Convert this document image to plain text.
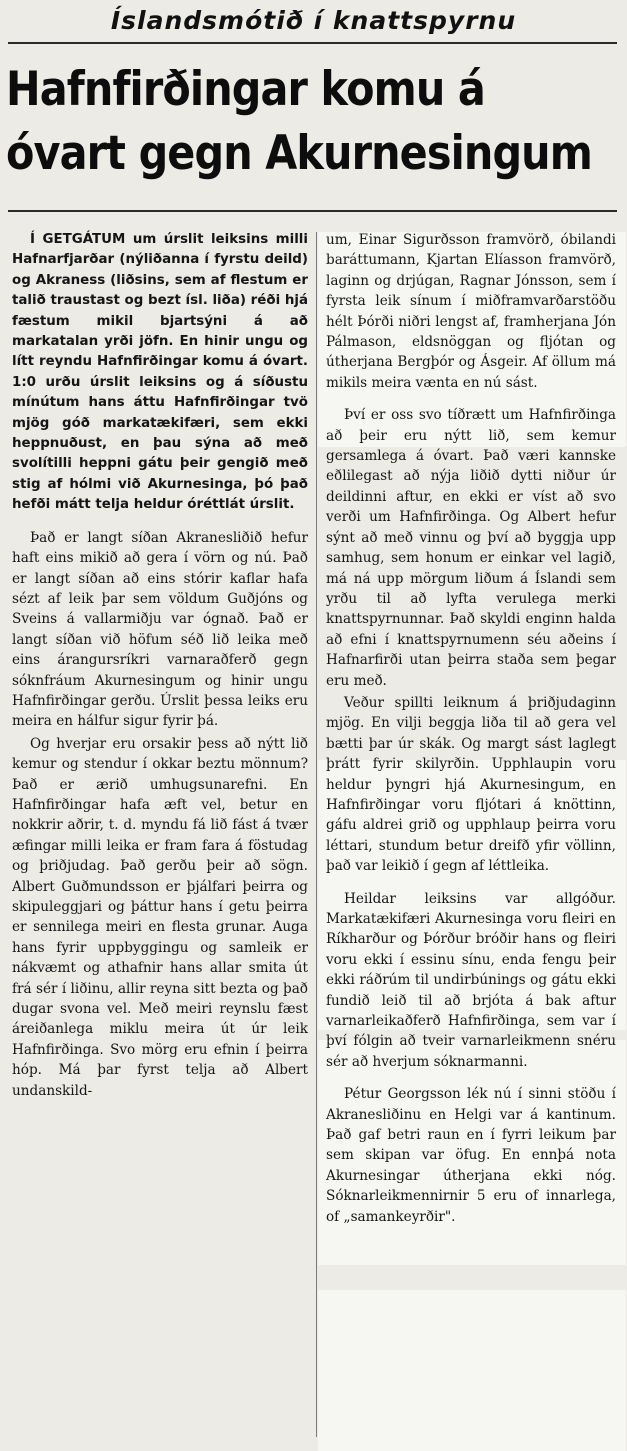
Íslandsmótið í knattspyrnu
Hafnfirðingar komu á
óvart gegn Akurnesingum

Í GETGÁTUM um úrslit leiksins milli Hafnarfjarðar (nýliðanna í fyrstu deild) og Akraness (liðsins, sem af flestum er talið traustast og bezt ísl. liða) réði hjá fæstum mikil bjartsýni á að markatalan yrði jöfn. En hinir ungu og lítt reyndu Hafnfirðingar komu á óvart. 1:0 urðu úrslit leiksins og á síðustu mínútum hans áttu Hafnfirðingar tvö mjög góð markatækifæri, sem ekki heppnuðust, en þau sýna að með svolítilli heppni gátu þeir gengið með stig af hólmi við Akurnesinga, þó það hefði mátt telja heldur óréttlát úrslit.

Það er langt síðan Akranesliðið hefur haft eins mikið að gera í vörn og nú. Það er langt síðan að eins stórir kaflar hafa sézt af leik þar sem völdum Guðjóns og Sveins á vallarmiðju var ógnað. Það er langt síðan við höfum séð lið leika með eins árangursríkri varnaraðferð gegn sóknfráum Akurnesingum og hinir ungu Hafnfirðingar gerðu. Úrslit þessa leiks eru meira en hálfur sigur fyrir þá.

Og hverjar eru orsakir þess að nýtt lið kemur og stendur í okkar beztu mönnum? Það er ærið umhugsunarefni. En Hafnfirðingar hafa æft vel, betur en nokkrir aðrir, t. d. myndu fá lið fást á tvær æfingar milli leika er fram fara á föstudag og þriðjudag. Það gerðu þeir að sögn. Albert Guðmundsson er þjálfari þeirra og skipuleggjari og þáttur hans í getu þeirra er sennilega meiri en flesta grunar. Auga hans fyrir uppbyggingu og samleik er nákvæmt og athafnir hans allar smita út frá sér í liðinu, allir reyna sitt bezta og það dugar svona vel. Með meiri reynslu fæst áreiðanlega miklu meira út úr leik Hafnfirðinga. Svo mörg eru efnin í þeirra hóp. Má þar fyrst telja að Albert undanskild-

um, Einar Sigurðsson framvörð, óbilandi baráttumann, Kjartan Elíasson framvörð, laginn og drjúgan, Ragnar Jónsson, sem í fyrsta leik sínum í miðframvarðarstöðu hélt Þórði niðri lengst af, framherjana Jón Pálmason, eldsnöggan og fljótan og útherjana Bergþór og Ásgeir. Af öllum má mikils meira vænta en nú sást.

Því er oss svo tíðrætt um Hafnfirðinga að þeir eru nýtt lið, sem kemur gersamlega á óvart. Það væri kannske eðlilegast að nýja liðið dytti niður úr deildinni aftur, en ekki er víst að svo verði um Hafnfirðinga. Og Albert hefur sýnt að með vinnu og því að byggja upp samhug, sem honum er einkar vel lagið, má ná upp mörgum liðum á Íslandi sem yrðu til að lyfta verulega merki knattspyrnunnar. Það skyldi enginn halda að efni í knattspyrnumenn séu aðeins í Hafnarfirði utan þeirra staða sem þegar eru með.

Veður spillti leiknum á þriðjudaginn mjög. En vilji beggja liða til að gera vel bætti þar úr skák. Og margt sást laglegt þrátt fyrir skilyrðin. Upphlaupin voru heldur þyngri hjá Akurnesingum, en Hafnfirðingar voru fljótari á knöttinn, gáfu aldrei grið og upphlaup þeirra voru léttari, stundum betur dreifð yfir völlinn, það var leikið í gegn af léttleika.

Heildar leiksins var allgóður. Markatækifæri Akurnesinga voru fleiri en Ríkharður og Þórður bróðir hans og fleiri voru ekki í essinu sínu, enda fengu þeir ekki ráðrúm til undirbúnings og gátu ekki fundið leið til að brjóta á bak aftur varnarleikaðferð Hafnfirðinga, sem var í því fólgin að tveir varnarleikmenn snéru sér að hverjum sóknarmanni.

Pétur Georgsson lék nú í sinni stöðu í Akranesliðinu en Helgi var á kantinum. Það gaf betri raun en í fyrri leikum þar sem skipan var öfug. En ennþá nota Akurnesingar útherjana ekki nóg. Sóknarleikmennirnir 5 eru of innarlega, of „samankeyrðir".
